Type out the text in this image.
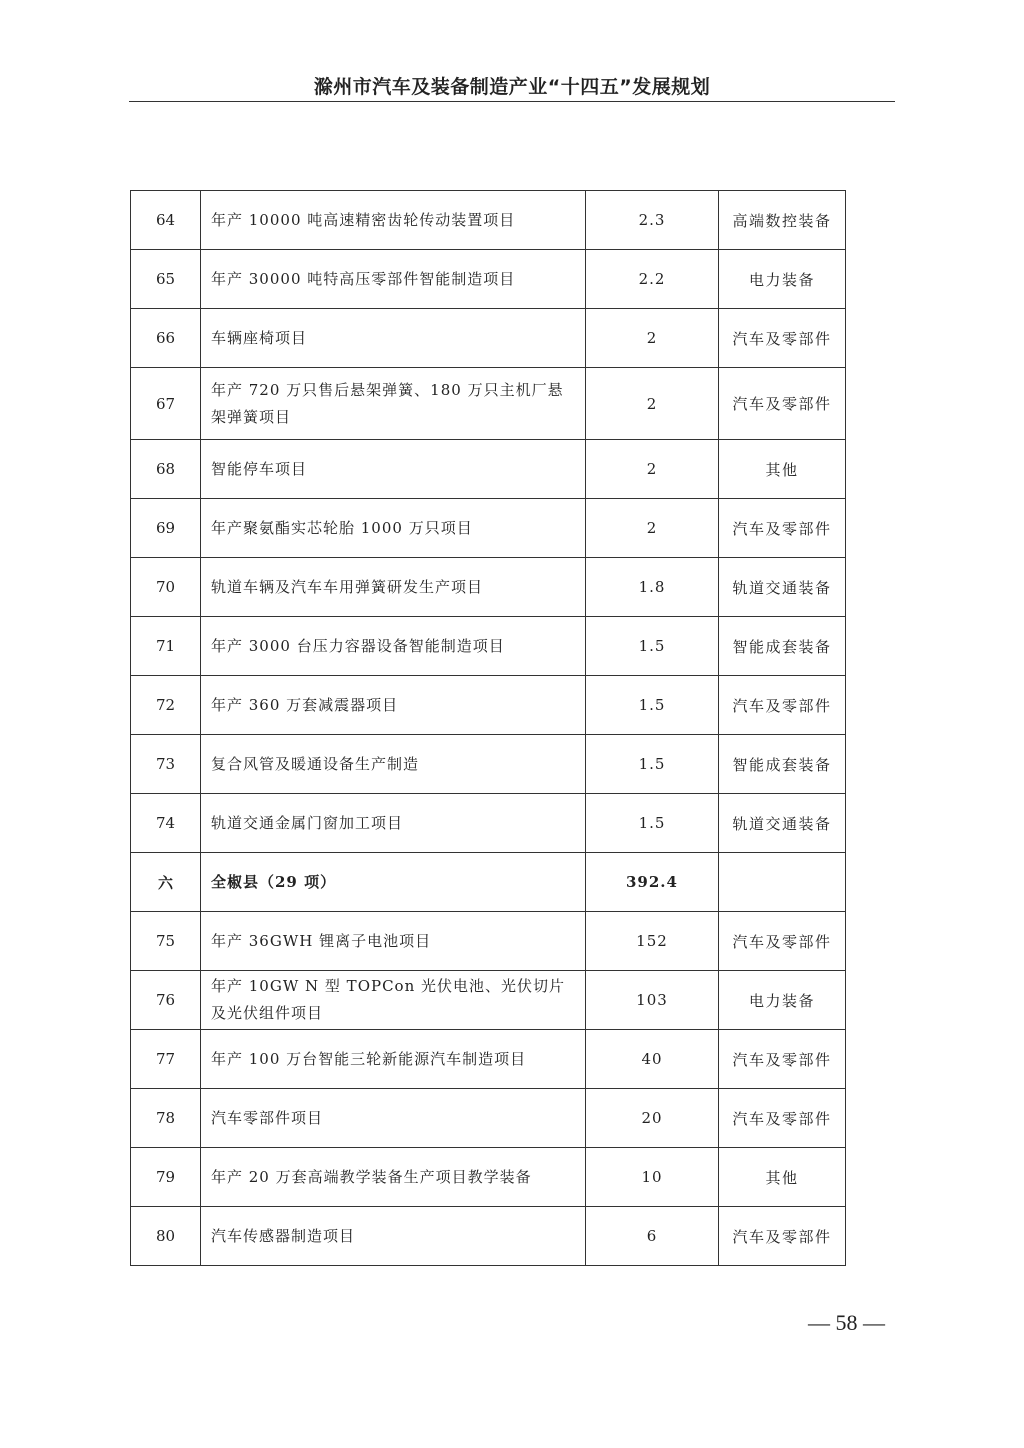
滁州市汽车及装备制造产业“十四五”发展规划
64	年产 10000 吨高速精密齿轮传动装置项目	2.3	高端数控装备
65	年产 30000 吨特高压零部件智能制造项目	2.2	电力装备
66	车辆座椅项目	2	汽车及零部件
67	年产 720 万只售后悬架弹簧、180 万只主机厂悬架弹簧项目	2	汽车及零部件
68	智能停车项目	2	其他
69	年产聚氨酯实芯轮胎 1000 万只项目	2	汽车及零部件
70	轨道车辆及汽车车用弹簧研发生产项目	1.8	轨道交通装备
71	年产 3000 台压力容器设备智能制造项目	1.5	智能成套装备
72	年产 360 万套减震器项目	1.5	汽车及零部件
73	复合风管及暖通设备生产制造	1.5	智能成套装备
74	轨道交通金属门窗加工项目	1.5	轨道交通装备
六	全椒县（29 项）	392.4	
75	年产 36GWH 锂离子电池项目	152	汽车及零部件
76	年产 10GW N 型 TOPCon 光伏电池、光伏切片及光伏组件项目	103	电力装备
77	年产 100 万台智能三轮新能源汽车制造项目	40	汽车及零部件
78	汽车零部件项目	20	汽车及零部件
79	年产 20 万套高端教学装备生产项目教学装备	10	其他
80	汽车传感器制造项目	6	汽车及零部件
— 58 —
